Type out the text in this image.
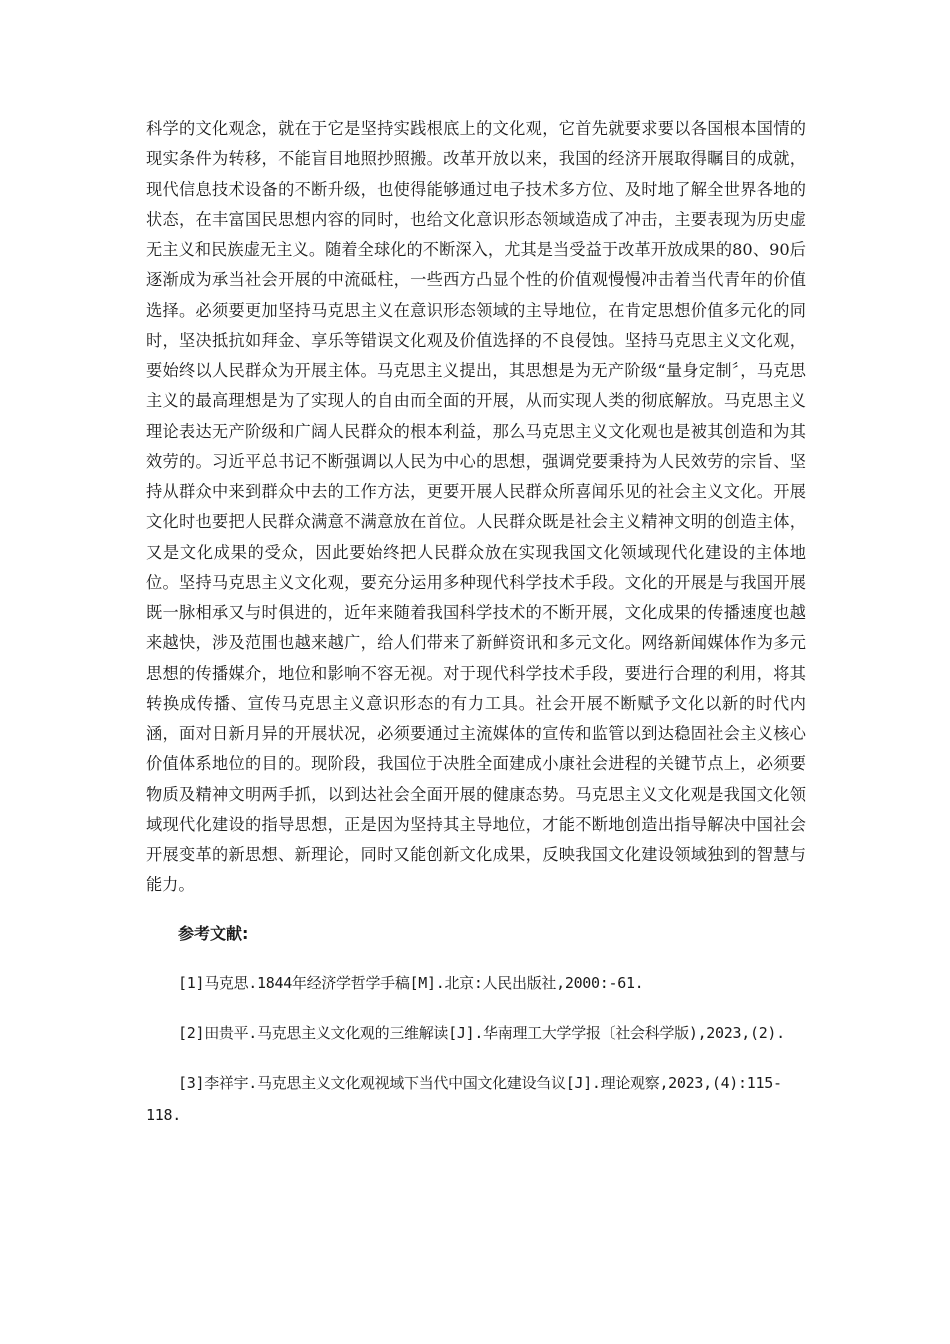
科学的文化观念，就在于它是坚持实践根底上的文化观，它首先就要求要以各国根本国情的现实条件为转移，不能盲目地照抄照搬。改革开放以来，我国的经济开展取得瞩目的成就，现代信息技术设备的不断升级，也使得能够通过电子技术多方位、及时地了解全世界各地的状态，在丰富国民思想内容的同时，也给文化意识形态领域造成了冲击，主要表现为历史虚无主义和民族虚无主义。随着全球化的不断深入，尤其是当受益于改革开放成果的80、90后逐渐成为承当社会开展的中流砥柱，一些西方凸显个性的价值观慢慢冲击着当代青年的价值选择。必须要更加坚持马克思主义在意识形态领域的主导地位，在肯定思想价值多元化的同时，坚决抵抗如拜金、享乐等错误文化观及价值选择的不良侵蚀。坚持马克思主义文化观，要始终以人民群众为开展主体。马克思主义提出，其思想是为无产阶级“量身定制〞，马克思主义的最高理想是为了实现人的自由而全面的开展，从而实现人类的彻底解放。马克思主义理论表达无产阶级和广阔人民群众的根本利益，那么马克思主义文化观也是被其创造和为其效劳的。习近平总书记不断强调以人民为中心的思想，强调党要秉持为人民效劳的宗旨、坚持从群众中来到群众中去的工作方法，更要开展人民群众所喜闻乐见的社会主义文化。开展文化时也要把人民群众满意不满意放在首位。人民群众既是社会主义精神文明的创造主体，又是文化成果的受众，因此要始终把人民群众放在实现我国文化领域现代化建设的主体地位。坚持马克思主义文化观，要充分运用多种现代科学技术手段。文化的开展是与我国开展既一脉相承又与时俱进的，近年来随着我国科学技术的不断开展，文化成果的传播速度也越来越快，涉及范围也越来越广，给人们带来了新鲜资讯和多元文化。网络新闻媒体作为多元思想的传播媒介，地位和影响不容无视。对于现代科学技术手段，要进行合理的利用，将其转换成传播、宣传马克思主义意识形态的有力工具。社会开展不断赋予文化以新的时代内涵，面对日新月异的开展状况，必须要通过主流媒体的宣传和监管以到达稳固社会主义核心价值体系地位的目的。现阶段，我国位于决胜全面建成小康社会进程的关键节点上，必须要物质及精神文明两手抓，以到达社会全面开展的健康态势。马克思主义文化观是我国文化领域现代化建设的指导思想，正是因为坚持其主导地位，才能不断地创造出指导解决中国社会开展变革的新思想、新理论，同时又能创新文化成果，反映我国文化建设领域独到的智慧与能力。

参考文献:

[1]马克思.1844年经济学哲学手稿[M].北京:人民出版社,2000:-61.

[2]田贵平.马克思主义文化观的三维解读[J].华南理工大学学报〔社会科学版),2023,(2).

[3]李祥宇.马克思主义文化观视域下当代中国文化建设刍议[J].理论观察,2023,(4):115-118.
